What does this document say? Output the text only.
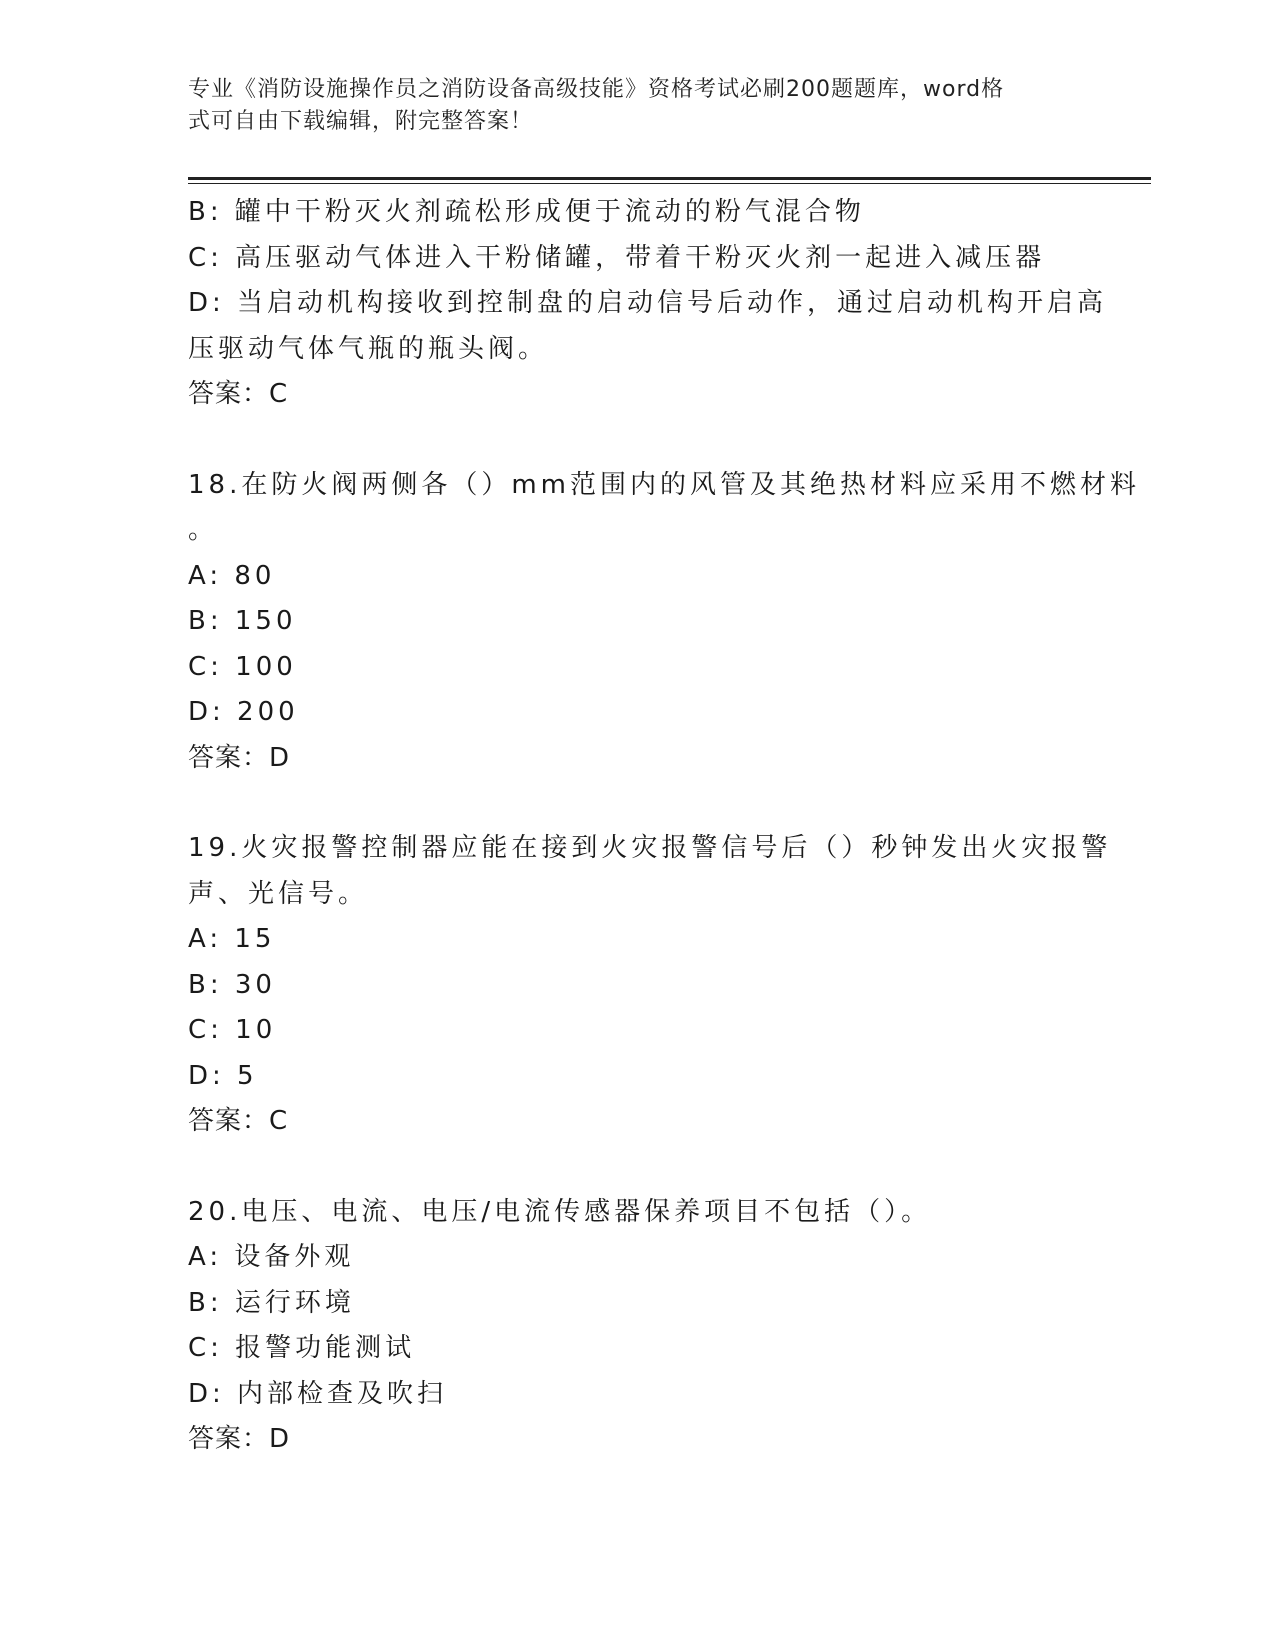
专业《消防设施操作员之消防设备高级技能》资格考试必刷200题题库，word格
式可自由下载编辑，附完整答案！
B: 罐中干粉灭火剂疏松形成便于流动的粉气混合物
C: 高压驱动气体进入干粉储罐，带着干粉灭火剂一起进入减压器
D: 当启动机构接收到控制盘的启动信号后动作，通过启动机构开启高
压驱动气体气瓶的瓶头阀。
答案：C
18.在防火阀两侧各（）mm范围内的风管及其绝热材料应采用不燃材料
。
A: 80
B: 150
C: 100
D: 200
答案：D
19.火灾报警控制器应能在接到火灾报警信号后（）秒钟发出火灾报警
声、光信号。
A: 15
B: 30
C: 10
D: 5
答案：C
20.电压、电流、电压/电流传感器保养项目不包括（）。
A: 设备外观
B: 运行环境
C: 报警功能测试
D: 内部检查及吹扫
答案：D
